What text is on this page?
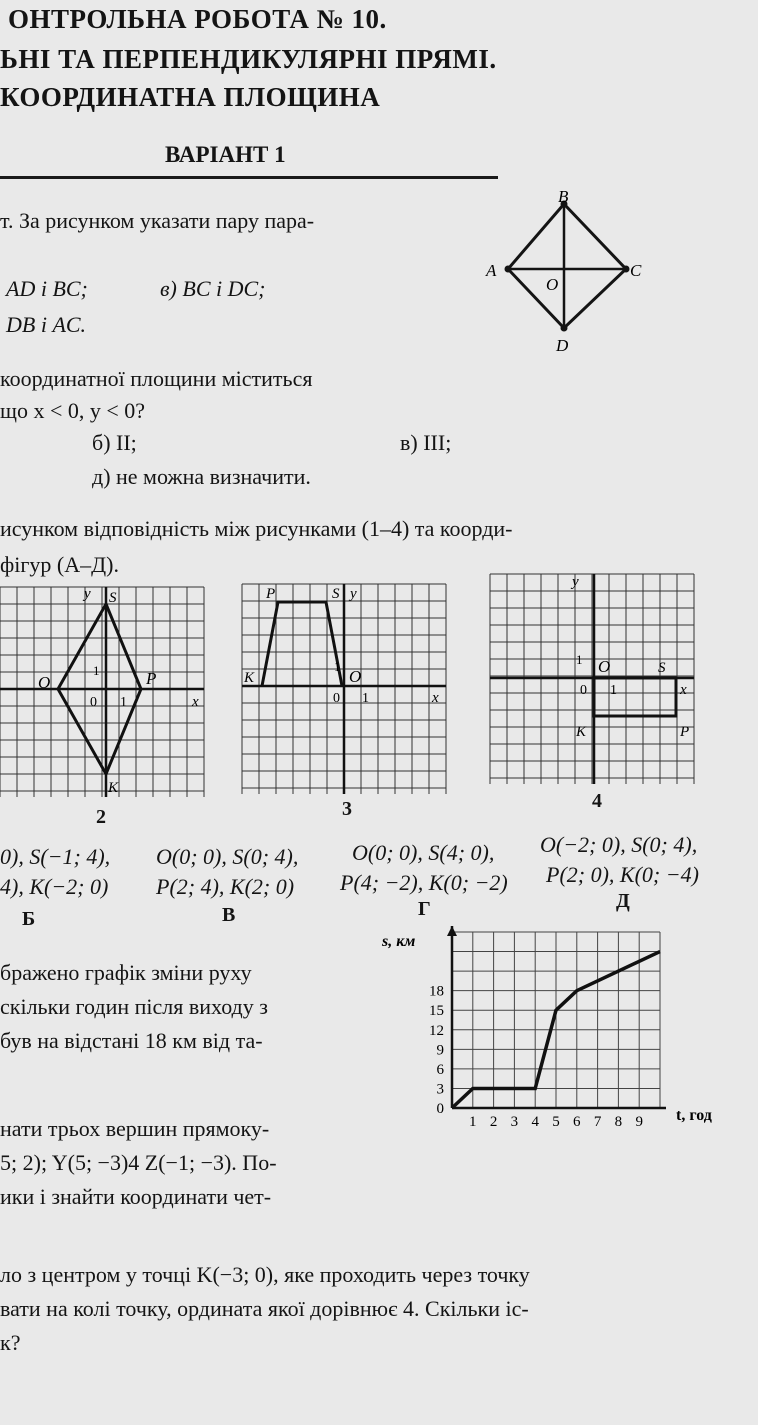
ОНТРОЛЬНА РОБОТА № 10.
ЬНІ ТА ПЕРПЕНДИКУЛЯРНІ ПРЯМІ.
КООРДИНАТНА ПЛОЩИНА
ВАРІАНТ 1
т. За рисунком указати пару пара-
AD і BC;	в) BC і DC;
DB і AC.
B
A
O
C
D
координатної площини міститься
що x < 0, y < 0?
б) II;	в) III;
д) не можна визначити.
исунком відповідність між рисунками (1–4) та коорди-
фігур (А–Д).
y S
O	P
K
1
0 1	x
2
P	S y
K	O
1
0 1	x
3
y
O	S
K	P
1
0 1	x
4
0), S(−1; 4),
4), K(−2; 0)
Б
O(0; 0), S(0; 4),
P(2; 4), K(2; 0)
В
O(0; 0), S(4; 0),
P(4; −2), K(0; −2)
Г
O(−2; 0), S(0; 4),
P(2; 0), K(0; −4)
Д
бражено графік зміни руху
скільки годин після виходу з
був на відстані 18 км від та-
0
3
6
9
12
15
18
1 2 3 4 5 6 7 8 9
s, км
t, год
нати трьох вершин прямоку-
5; 2); Y(5; −3)4 Z(−1; −3). По-
ики і знайти координати чет-
ло з центром у точці K(−3; 0), яке проходить через точку
вати на колі точку, ордината якої дорівнює 4. Скільки іс-
к?
